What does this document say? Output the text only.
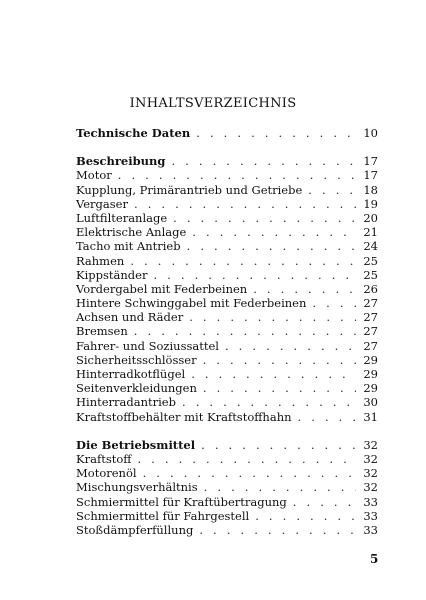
INHALTSVERZEICHNIS
Technische Daten . . .	10
Beschreibung . . .	17
Motor . . .	17
Kupplung, Primärantrieb und Getriebe . . .	18
Vergaser . . .	19
Luftfilteranlage . . .	20
Elektrische Anlage . . .	21
Tacho mit Antrieb . . .	24
Rahmen . . .	25
Kippständer . . .	25
Vordergabel mit Federbeinen . . .	26
Hintere Schwinggabel mit Federbeinen . . .	27
Achsen und Räder . . .	27
Bremsen . . .	27
Fahrer- und Soziussattel . . .	27
Sicherheitsschlösser . . .	29
Hinterradkotflügel . . .	29
Seitenverkleidungen . . .	29
Hinterradantrieb . . .	30
Kraftstoffbehälter mit Kraftstoffhahn . . .	31
Die Betriebsmittel . . .	32
Kraftstoff . . .	32
Motorenöl . . .	32
Mischungsverhältnis . . .	32
Schmiermittel für Kraftübertragung . . .	33
Schmiermittel für Fahrgestell . . .	33
Stoßdämpferfüllung . . .	33
5
